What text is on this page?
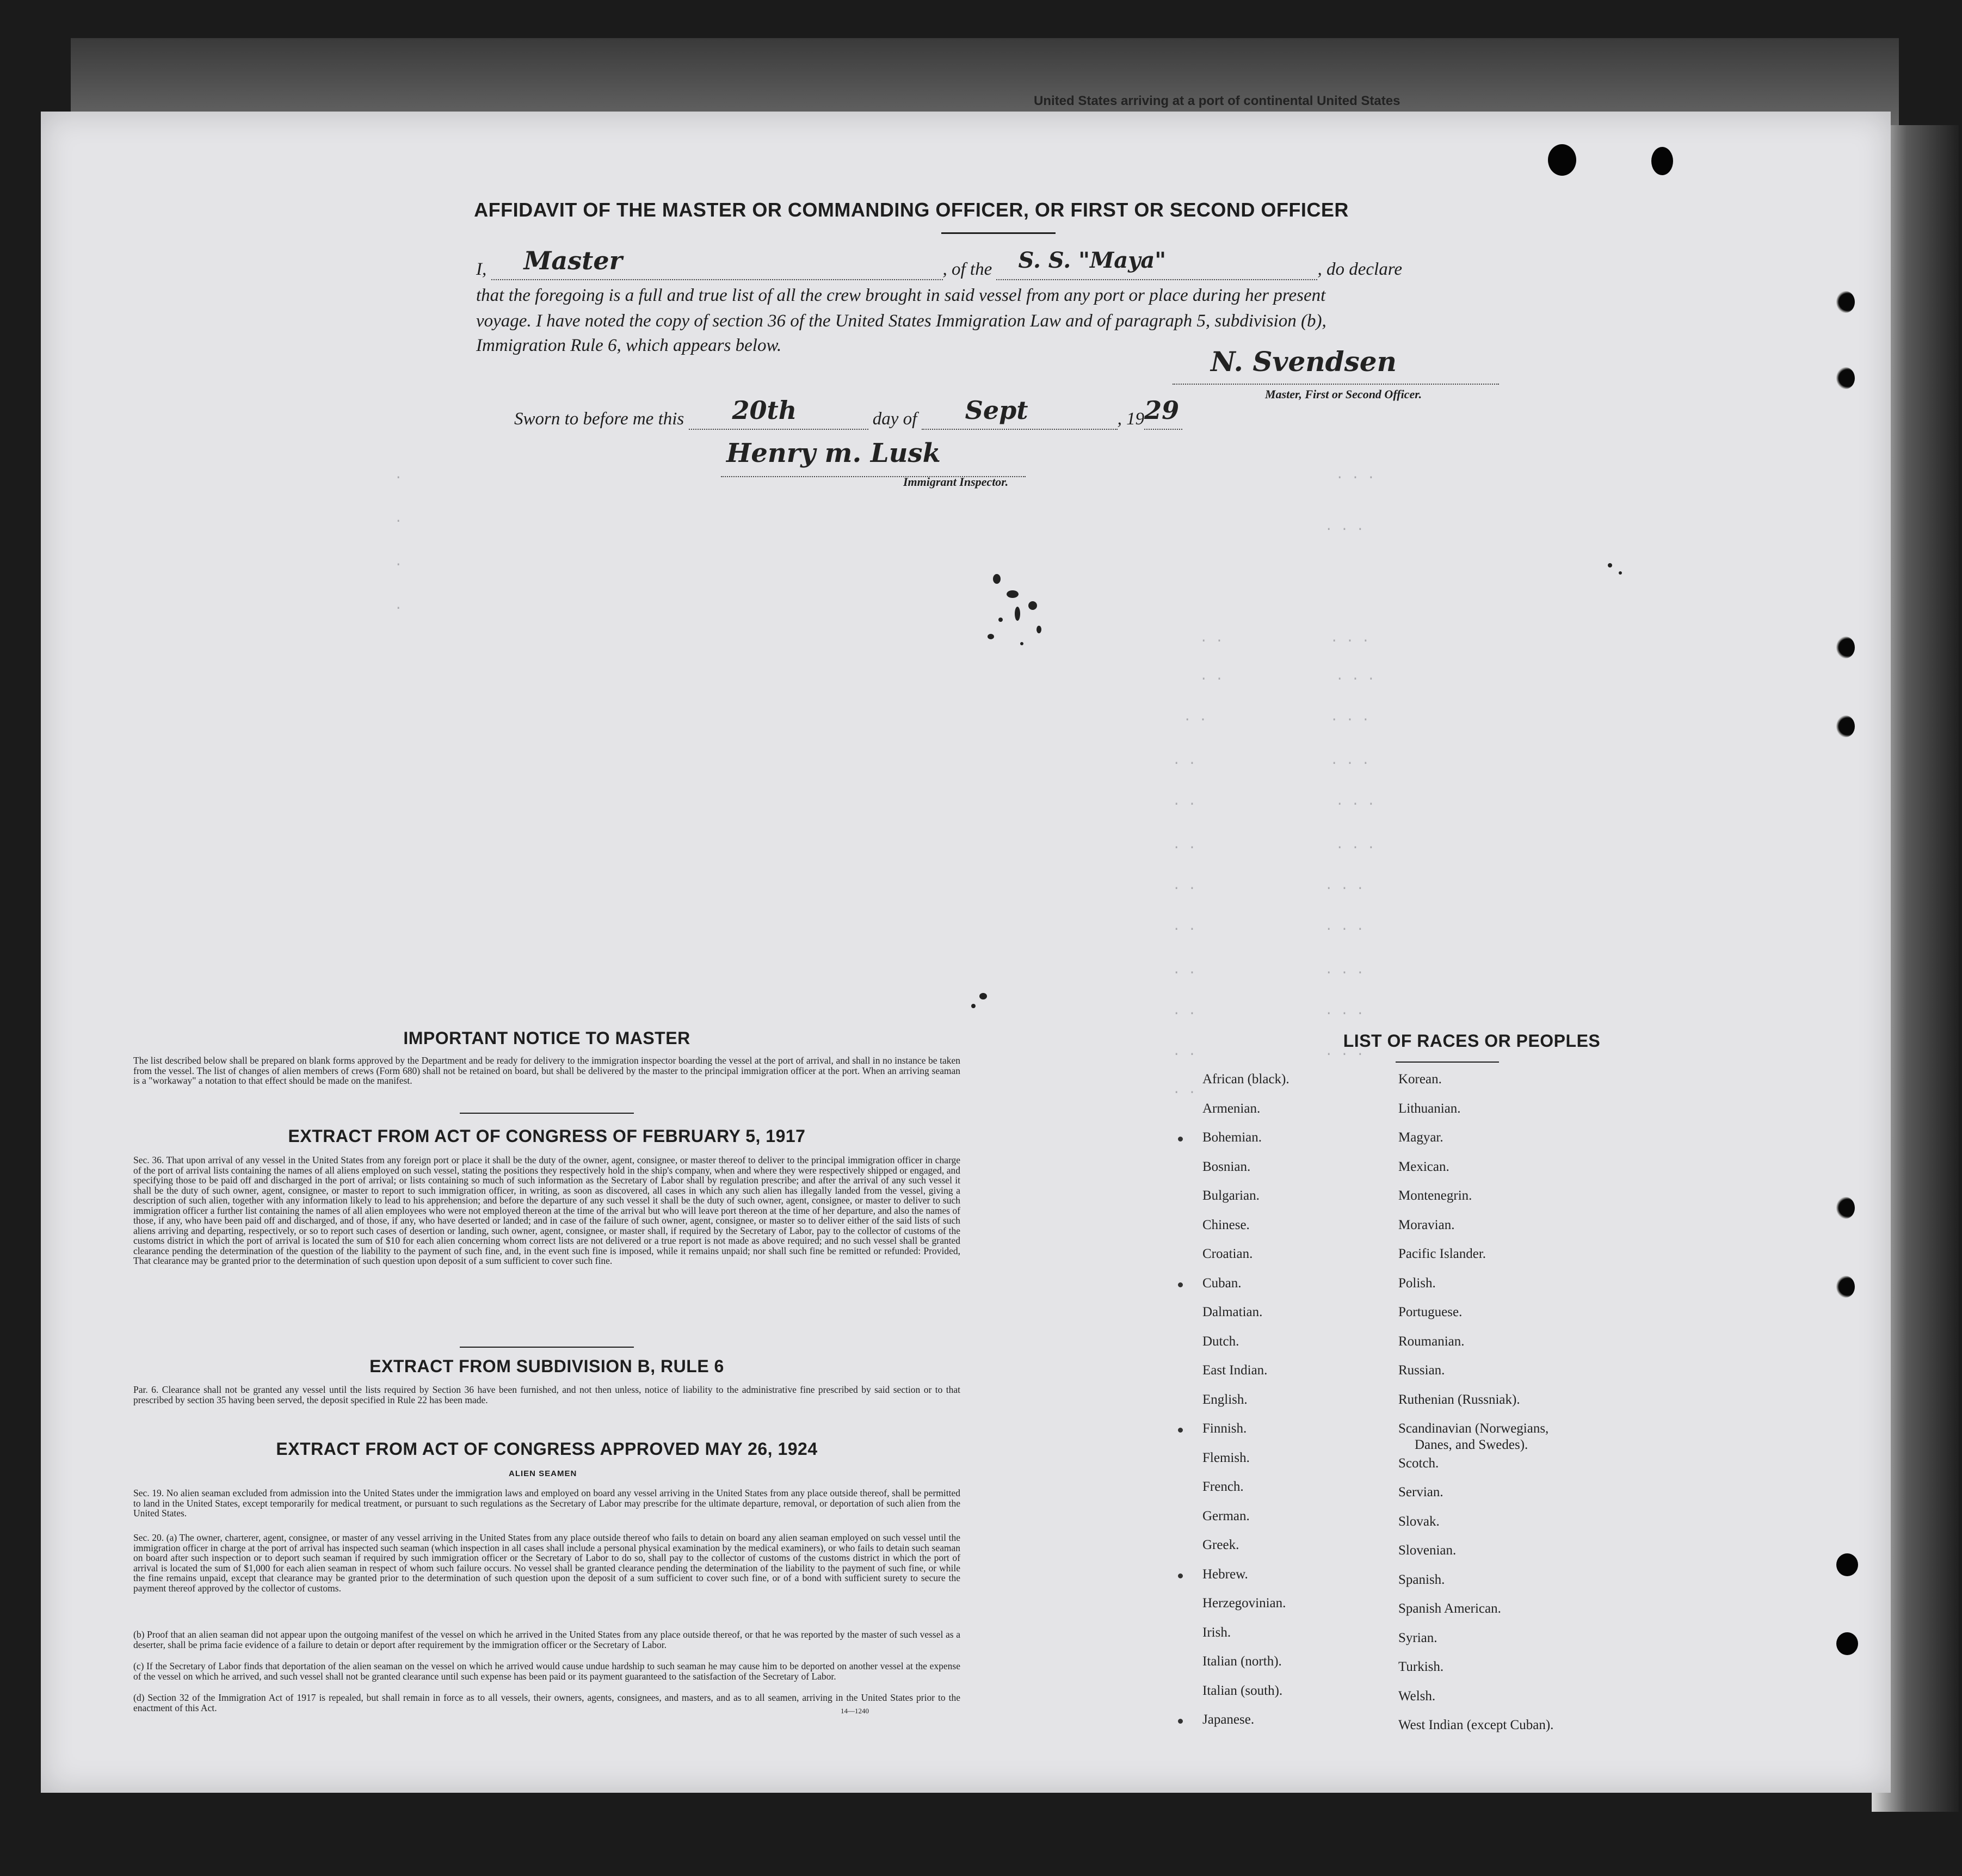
United States arriving at a port of continental United States
· · ·
· · ·
· ·	· · ·
· ·	· · ·
· ·	· · ·
· ·	· · ·
· ·	· · ·
· ·	· · ·
· ·	· · ·
· ·	· · ·
· ·	· · ·
· ·	· · ·
· ·	· · ·
· ·
·
·
·
·
AFFIDAVIT OF THE MASTER OR COMMANDING OFFICER, OR FIRST OR SECOND OFFICER
I, Master	, of the S. S. "Maya"	, do declare
that the foregoing is a full and true list of all the crew brought in said vessel from any port or place during her present
voyage. I have noted the copy of section 36 of the United States Immigration Law and of paragraph 5, subdivision (b),
Immigration Rule 6, which appears below.	N. Svendsen
Master, First or Second Officer.
Sworn to before me this 20th	day of Sept	, 19 29
Henry m. Lusk
Immigrant Inspector.
IMPORTANT NOTICE TO MASTER
The list described below shall be prepared on blank forms approved by the Department and be ready for delivery to the immigration inspector boarding the vessel at the port of arrival, and shall in no instance be taken from the vessel. The list of changes of alien members of crews (Form 680) shall not be retained on board, but shall be delivered by the master to the principal immigration officer at the port. When an arriving seaman is a "workaway" a notation to that effect should be made on the manifest.
EXTRACT FROM ACT OF CONGRESS OF FEBRUARY 5, 1917
Sec. 36. That upon arrival of any vessel in the United States from any foreign port or place it shall be the duty of the owner, agent, consignee, or master thereof to deliver to the principal immigration officer in charge of the port of arrival lists containing the names of all aliens employed on such vessel, stating the positions they respectively hold in the ship's company, when and where they were respectively shipped or engaged, and specifying those to be paid off and discharged in the port of arrival; or lists containing so much of such information as the Secretary of Labor shall by regulation prescribe; and after the arrival of any such vessel it shall be the duty of such owner, agent, consignee, or master to report to such immigration officer, in writing, as soon as discovered, all cases in which any such alien has illegally landed from the vessel, giving a description of such alien, together with any information likely to lead to his apprehension; and before the departure of any such vessel it shall be the duty of such owner, agent, consignee, or master to deliver to such immigration officer a further list containing the names of all alien employees who were not employed thereon at the time of the arrival but who will leave port thereon at the time of her departure, and also the names of those, if any, who have been paid off and discharged, and of those, if any, who have deserted or landed; and in case of the failure of such owner, agent, consignee, or master so to deliver either of the said lists of such aliens arriving and departing, respectively, or so to report such cases of desertion or landing, such owner, agent, consignee, or master shall, if required by the Secretary of Labor, pay to the collector of customs of the customs district in which the port of arrival is located the sum of $10 for each alien concerning whom correct lists are not delivered or a true report is not made as above required; and no such vessel shall be granted clearance pending the determination of the question of the liability to the payment of such fine, and, in the event such fine is imposed, while it remains unpaid; nor shall such fine be remitted or refunded: Provided, That clearance may be granted prior to the determination of such question upon deposit of a sum sufficient to cover such fine.
EXTRACT FROM SUBDIVISION B, RULE 6
Par. 6. Clearance shall not be granted any vessel until the lists required by Section 36 have been furnished, and not then unless, notice of liability to the administrative fine prescribed by said section or to that prescribed by section 35 having been served, the deposit specified in Rule 22 has been made.
EXTRACT FROM ACT OF CONGRESS APPROVED MAY 26, 1924
ALIEN SEAMEN
Sec. 19. No alien seaman excluded from admission into the United States under the immigration laws and employed on board any vessel arriving in the United States from any place outside thereof, shall be permitted to land in the United States, except temporarily for medical treatment, or pursuant to such regulations as the Secretary of Labor may prescribe for the ultimate departure, removal, or deportation of such alien from the United States.
Sec. 20. (a) The owner, charterer, agent, consignee, or master of any vessel arriving in the United States from any place outside thereof who fails to detain on board any alien seaman employed on such vessel until the immigration officer in charge at the port of arrival has inspected such seaman (which inspection in all cases shall include a personal physical examination by the medical examiners), or who fails to detain such seaman on board after such inspection or to deport such seaman if required by such immigration officer or the Secretary of Labor to do so, shall pay to the collector of customs of the customs district in which the port of arrival is located the sum of $1,000 for each alien seaman in respect of whom such failure occurs. No vessel shall be granted clearance pending the determination of the liability to the payment of such fine, or while the fine remains unpaid, except that clearance may be granted prior to the determination of such question upon the deposit of a sum sufficient to cover such fine, or of a bond with sufficient surety to secure the payment thereof approved by the collector of customs.
(b) Proof that an alien seaman did not appear upon the outgoing manifest of the vessel on which he arrived in the United States from any place outside thereof, or that he was reported by the master of such vessel as a deserter, shall be prima facie evidence of a failure to detain or deport after requirement by the immigration officer or the Secretary of Labor.
(c) If the Secretary of Labor finds that deportation of the alien seaman on the vessel on which he arrived would cause undue hardship to such seaman he may cause him to be deported on another vessel at the expense of the vessel on which he arrived, and such vessel shall not be granted clearance until such expense has been paid or its payment guaranteed to the satisfaction of the Secretary of Labor.
(d) Section 32 of the Immigration Act of 1917 is repealed, but shall remain in force as to all vessels, their owners, agents, consignees, and masters, and as to all seamen, arriving in the United States prior to the enactment of this Act.	14—1240
LIST OF RACES OR PEOPLES
Danes, and Swedes).
African (black).
Armenian.
Bohemian.
Bosnian.
Bulgarian.
Chinese.
Croatian.
Cuban.
Dalmatian.
Dutch.
East Indian.
English.
Finnish.
Flemish.
French.
German.
Greek.
Hebrew.
Herzegovinian.
Irish.
Italian (north).
Italian (south).
Japanese.
Korean.
Lithuanian.
Magyar.
Mexican.
Montenegrin.
Moravian.
Pacific Islander.
Polish.
Portuguese.
Roumanian.
Russian.
Ruthenian (Russniak).
Scandinavian (Norwegians,
Scotch.
Servian.
Slovak.
Slovenian.
Spanish.
Spanish American.
Syrian.
Turkish.
Welsh.
West Indian (except Cuban).
